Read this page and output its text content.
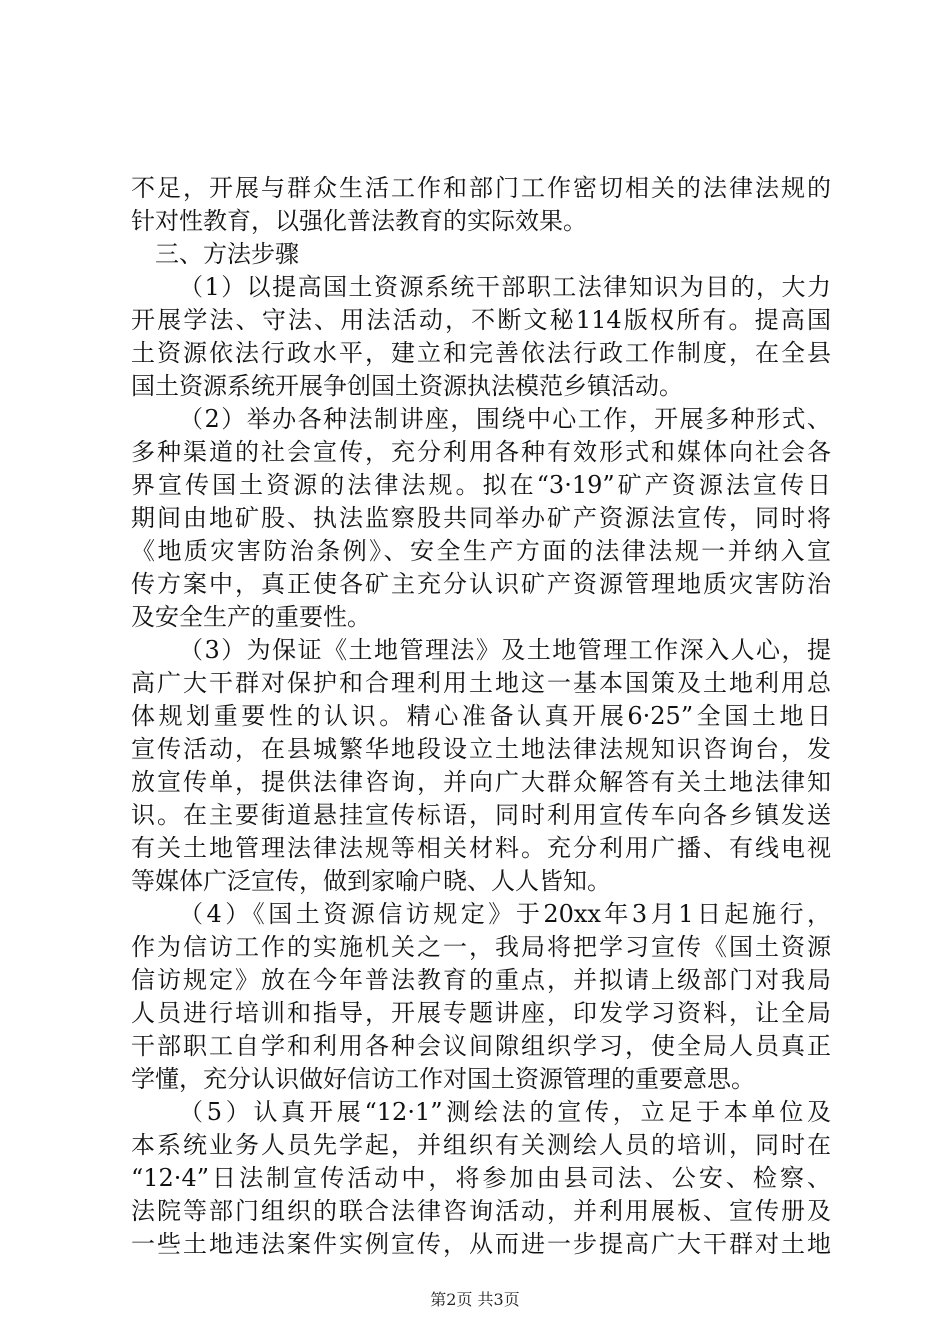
不足，开展与群众生活工作和部门工作密切相关的法律法规的
针对性教育，以强化普法教育的实际效果。
三、方法步骤
（1）以提高国土资源系统干部职工法律知识为目的，大力
开展学法、守法、用法活动，不断文秘114版权所有。提高国
土资源依法行政水平，建立和完善依法行政工作制度，在全县
国土资源系统开展争创国土资源执法模范乡镇活动。
（2）举办各种法制讲座，围绕中心工作，开展多种形式、
多种渠道的社会宣传，充分利用各种有效形式和媒体向社会各
界宣传国土资源的法律法规。拟在“3·19”矿产资源法宣传日
期间由地矿股、执法监察股共同举办矿产资源法宣传，同时将
《地质灾害防治条例》、安全生产方面的法律法规一并纳入宣
传方案中，真正使各矿主充分认识矿产资源管理地质灾害防治
及安全生产的重要性。
（3）为保证《土地管理法》及土地管理工作深入人心，提
高广大干群对保护和合理利用土地这一基本国策及土地利用总
体规划重要性的认识。精心准备认真开展6·25”全国土地日
宣传活动，在县城繁华地段设立土地法律法规知识咨询台，发
放宣传单，提供法律咨询，并向广大群众解答有关土地法律知
识。在主要街道悬挂宣传标语，同时利用宣传车向各乡镇发送
有关土地管理法律法规等相关材料。充分利用广播、有线电视
等媒体广泛宣传，做到家喻户晓、人人皆知。
（4）《国土资源信访规定》于20xx年3月1日起施行，
作为信访工作的实施机关之一，我局将把学习宣传《国土资源
信访规定》放在今年普法教育的重点，并拟请上级部门对我局
人员进行培训和指导，开展专题讲座，印发学习资料，让全局
干部职工自学和利用各种会议间隙组织学习，使全局人员真正
学懂，充分认识做好信访工作对国土资源管理的重要意思。
（5）认真开展“12·1”测绘法的宣传，立足于本单位及
本系统业务人员先学起，并组织有关测绘人员的培训，同时在
“12·4”日法制宣传活动中，将参加由县司法、公安、检察、
法院等部门组织的联合法律咨询活动，并利用展板、宣传册及
一些土地违法案件实例宣传，从而进一步提高广大干群对土地
第2页 共3页
